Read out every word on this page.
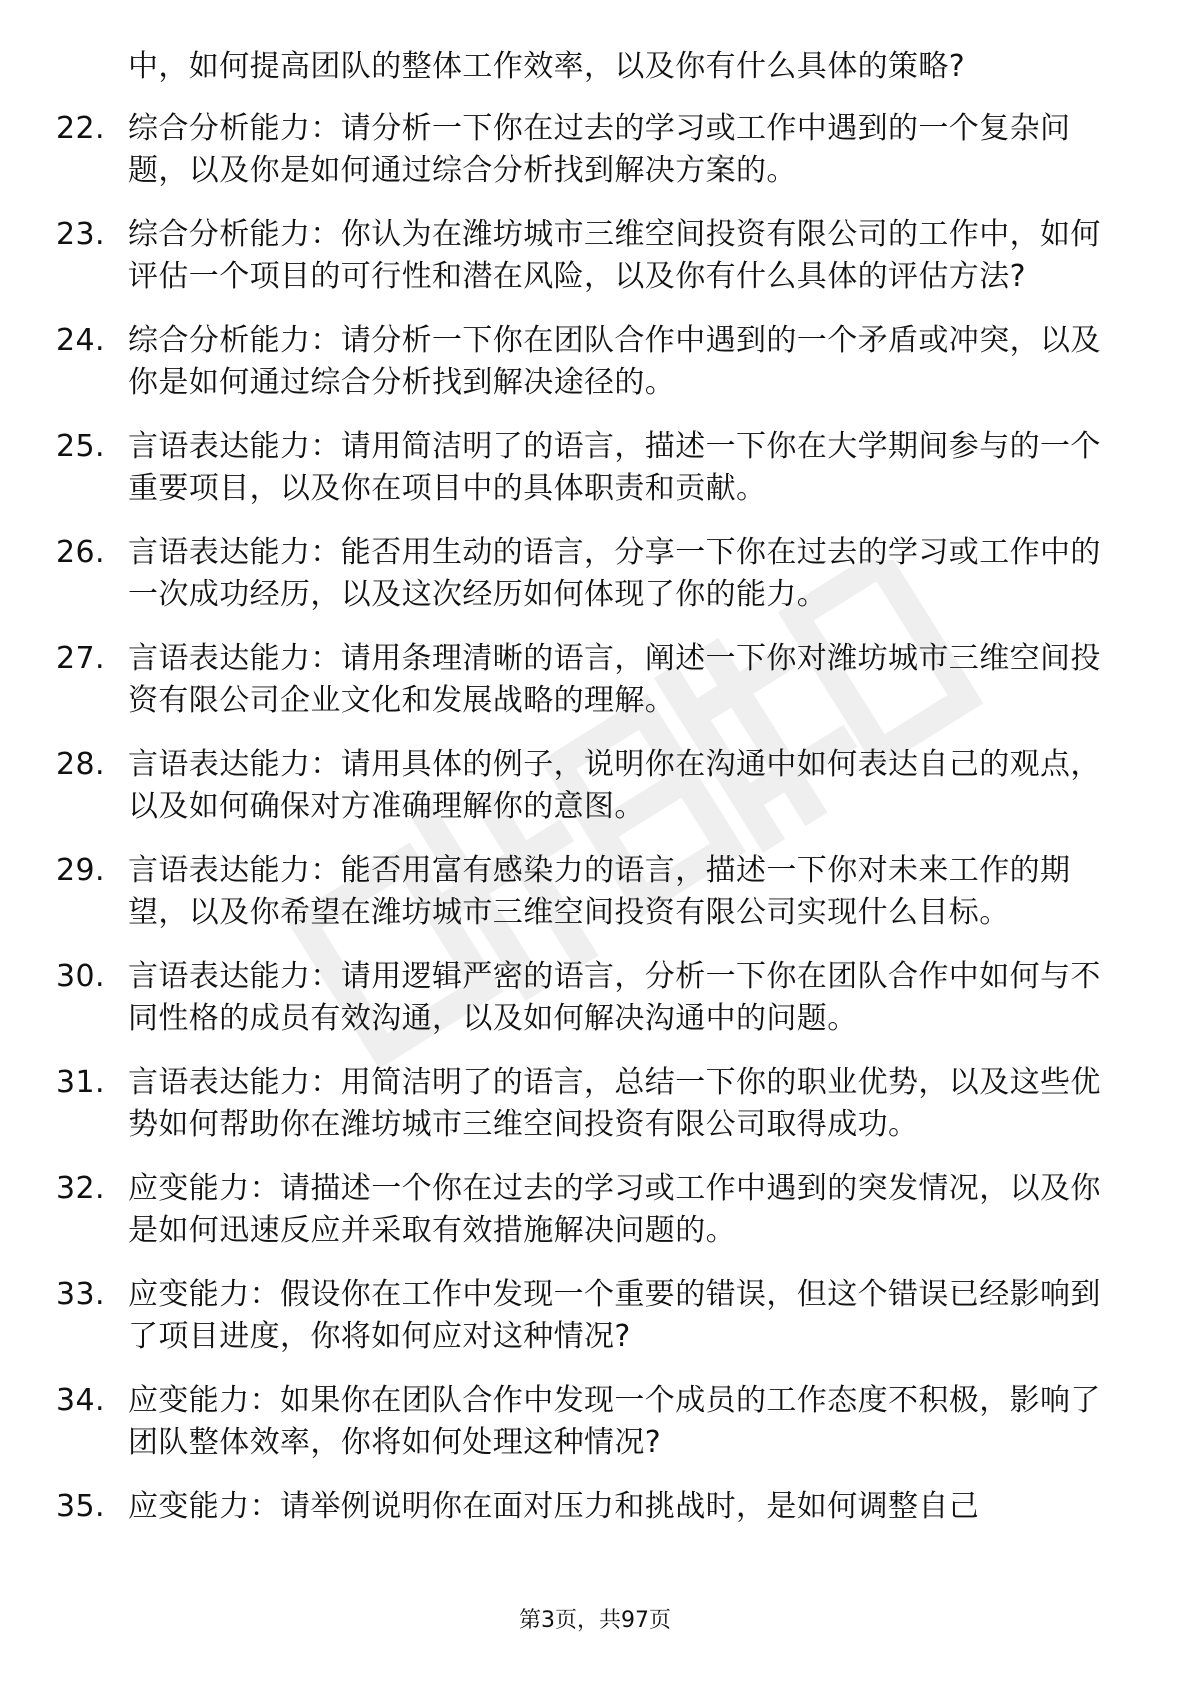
中，如何提高团队的整体工作效率，以及你有什么具体的策略?
22. 综合分析能力：请分析一下你在过去的学习或工作中遇到的一个复杂问题，以及你是如何通过综合分析找到解决方案的。
23. 综合分析能力：你认为在潍坊城市三维空间投资有限公司的工作中，如何评估一个项目的可行性和潜在风险，以及你有什么具体的评估方法?
24. 综合分析能力：请分析一下你在团队合作中遇到的一个矛盾或冲突，以及你是如何通过综合分析找到解决途径的。
25. 言语表达能力：请用简洁明了的语言，描述一下你在大学期间参与的一个重要项目，以及你在项目中的具体职责和贡献。
26. 言语表达能力：能否用生动的语言，分享一下你在过去的学习或工作中的一次成功经历，以及这次经历如何体现了你的能力。
27. 言语表达能力：请用条理清晰的语言，阐述一下你对潍坊城市三维空间投资有限公司企业文化和发展战略的理解。
28. 言语表达能力：请用具体的例子，说明你在沟通中如何表达自己的观点，以及如何确保对方准确理解你的意图。
29. 言语表达能力：能否用富有感染力的语言，描述一下你对未来工作的期望，以及你希望在潍坊城市三维空间投资有限公司实现什么目标。
30. 言语表达能力：请用逻辑严密的语言，分析一下你在团队合作中如何与不同性格的成员有效沟通，以及如何解决沟通中的问题。
31. 言语表达能力：用简洁明了的语言，总结一下你的职业优势，以及这些优势如何帮助你在潍坊城市三维空间投资有限公司取得成功。
32. 应变能力：请描述一个你在过去的学习或工作中遇到的突发情况，以及你是如何迅速反应并采取有效措施解决问题的。
33. 应变能力：假设你在工作中发现一个重要的错误，但这个错误已经影响到了项目进度，你将如何应对这种情况?
34. 应变能力：如果你在团队合作中发现一个成员的工作态度不积极，影响了团队整体效率，你将如何处理这种情况?
35. 应变能力：请举例说明你在面对压力和挑战时，是如何调整自己
第3页，共97页
